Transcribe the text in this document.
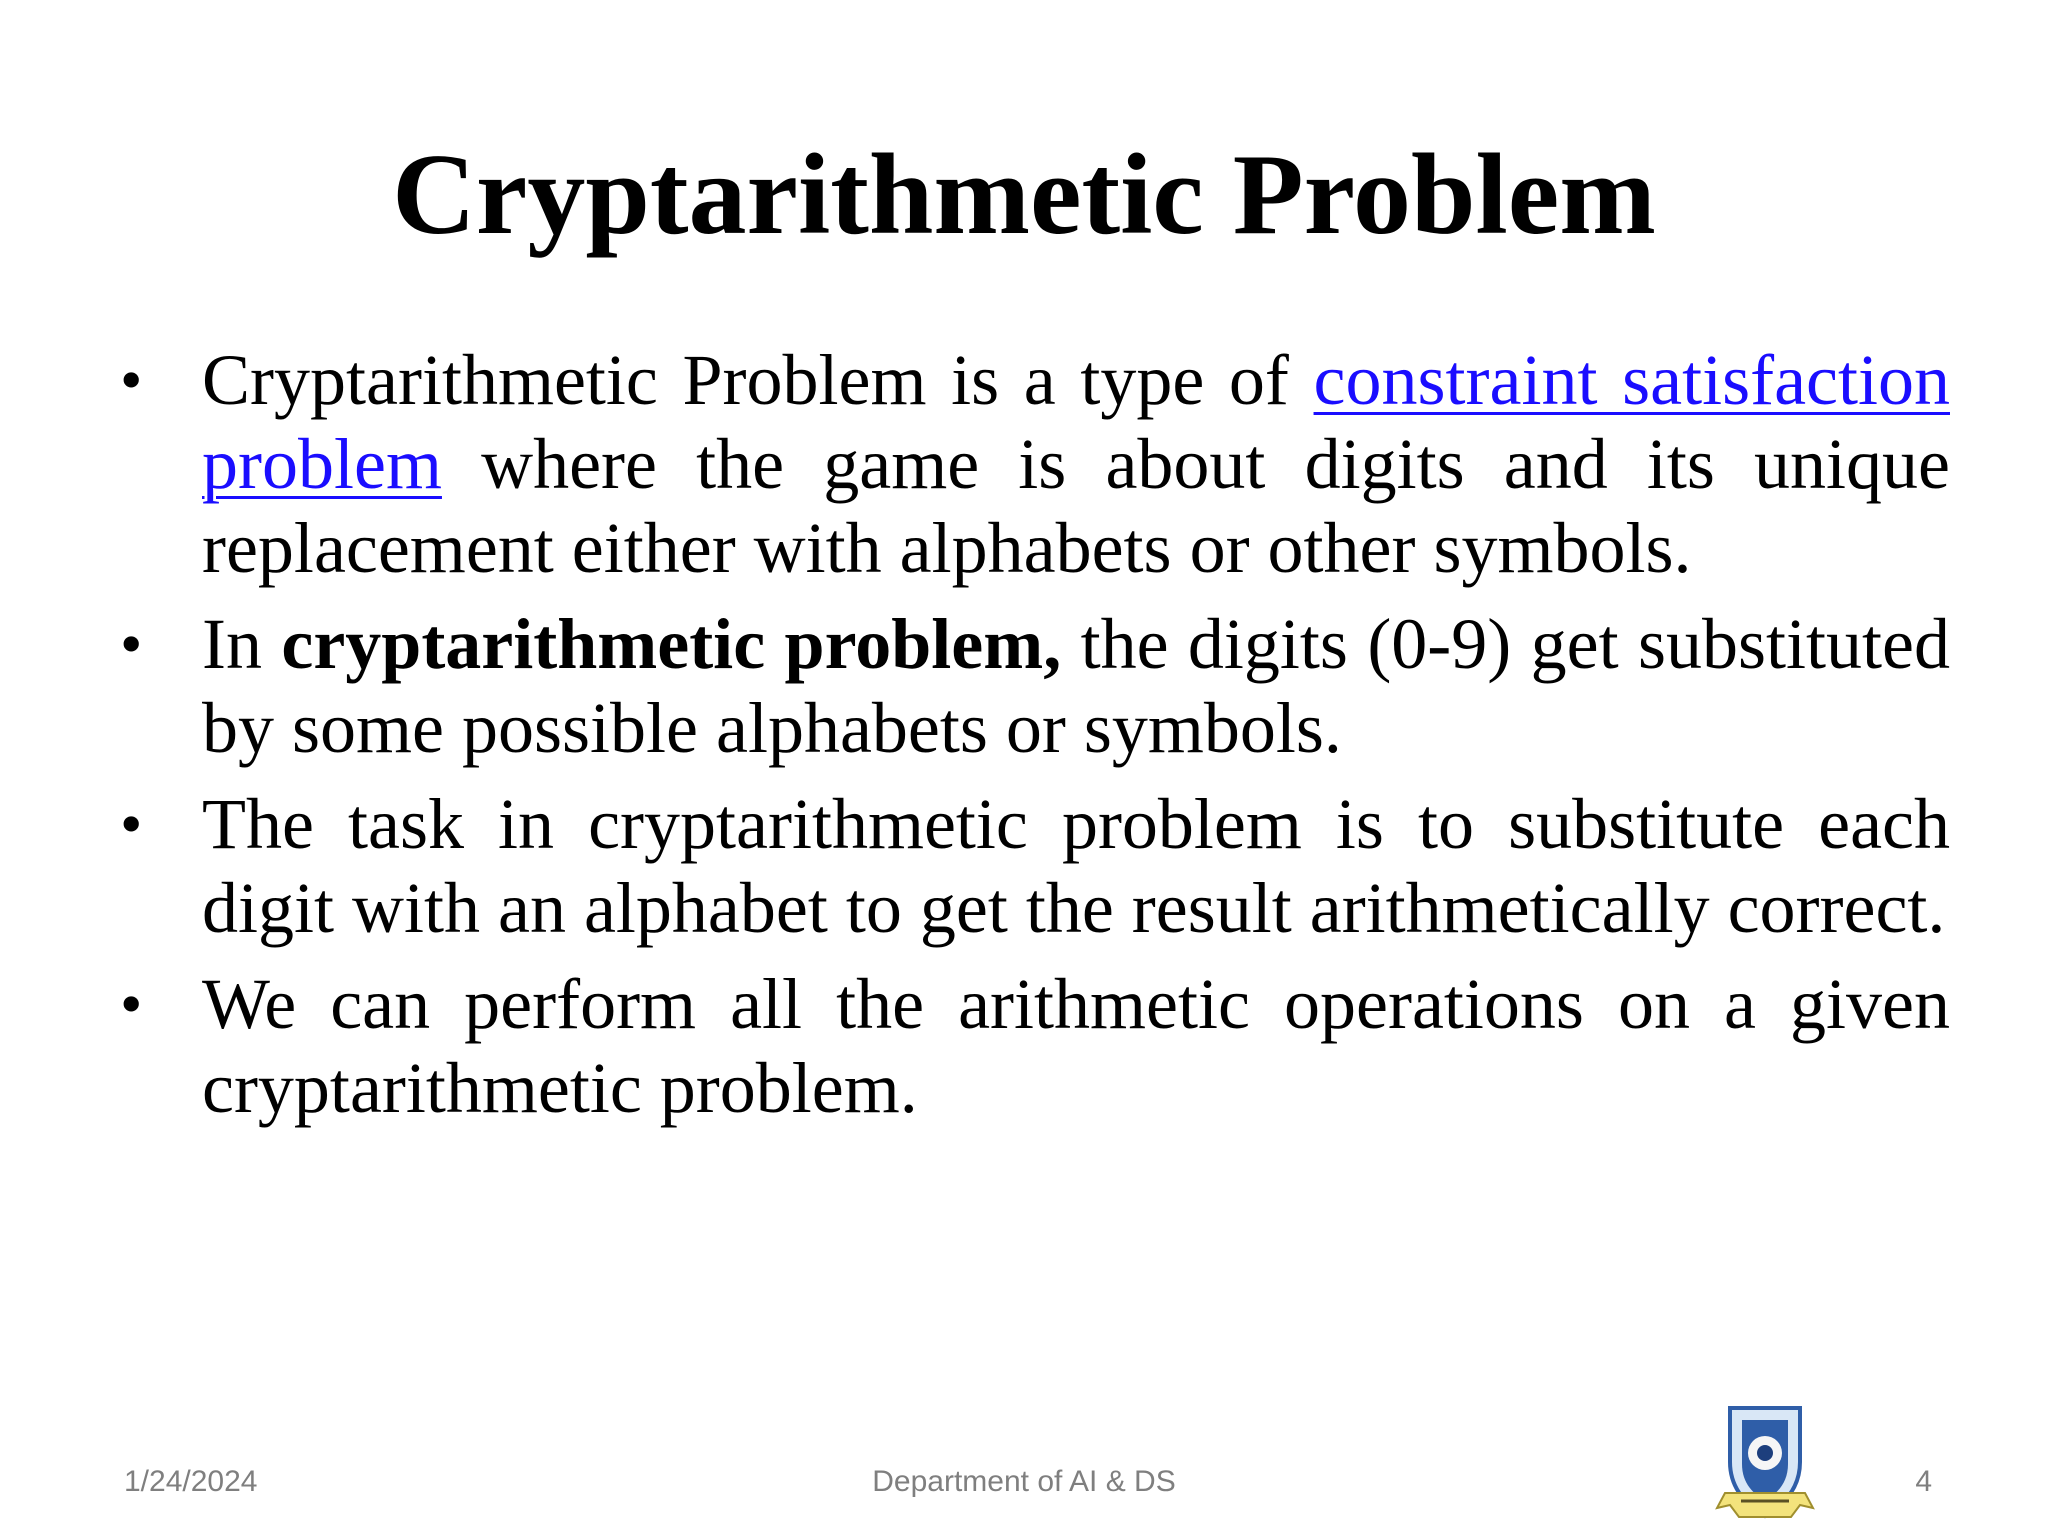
Cryptarithmetic Problem
• Cryptarithmetic Problem is a type of constraint satisfaction problem where the game is about digits and its unique replacement either with alphabets or other symbols.
• In cryptarithmetic problem, the digits (0-9) get substituted by some possible alphabets or symbols.
• The task in cryptarithmetic problem is to substitute each digit with an alphabet to get the result arithmetically correct.
• We can perform all the arithmetic operations on a given cryptarithmetic problem.
1/24/2024	Department of AI & DS	4
